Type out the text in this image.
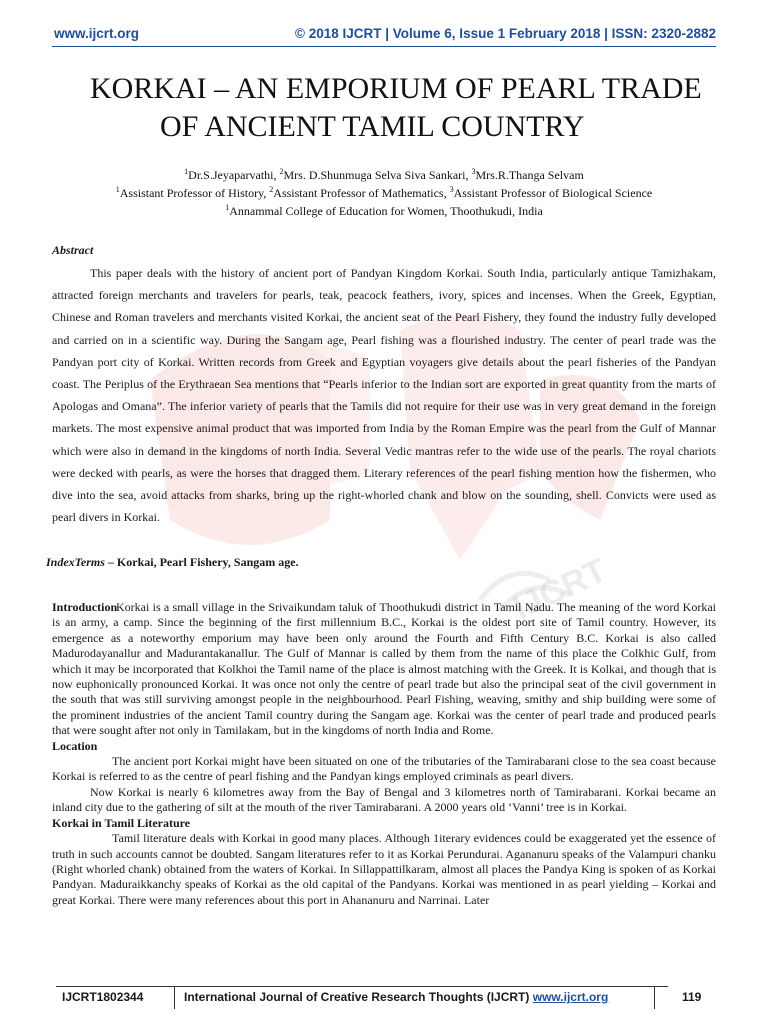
www.ijcrt.org	© 2018 IJCRT | Volume 6, Issue 1 February 2018 | ISSN: 2320-2882
IJCRT
KORKAI – AN EMPORIUM OF PEARL TRADE
OF ANCIENT TAMIL COUNTRY
$^1$Dr.S.Jeyaparvathi, $^2$Mrs. D.Shunmuga Selva Siva Sankari, $^3$Mrs.R.Thanga Selvam
$^1$Assistant Professor of History, $^2$Assistant Professor of Mathematics, $^3$Assistant Professor of Biological Science
$^1$Annammal College of Education for Women, Thoothukudi, India
Abstract

This paper deals with the history of ancient port of Pandyan Kingdom Korkai. South India, particularly antique Tamizhakam, attracted foreign merchants and travelers for pearls, teak, peacock feathers, ivory, spices and incenses. When the Greek, Egyptian, Chinese and Roman travelers and merchants visited Korkai, the ancient seat of the Pearl Fishery, they found the industry fully developed and carried on in a scientific way. During the Sangam age, Pearl fishing was a flourished industry. The center of pearl trade was the Pandyan port city of Korkai. Written records from Greek and Egyptian voyagers give details about the pearl fisheries of the Pandyan coast. The Periplus of the Erythraean Sea mentions that “Pearls inferior to the Indian sort are exported in great quantity from the marts of Apologas and Omana”. The inferior variety of pearls that the Tamils did not require for their use was in very great demand in the foreign markets. The most expensive animal product that was imported from India by the Roman Empire was the pearl from the Gulf of Mannar which were also in demand in the kingdoms of north India. Several Vedic mantras refer to the wide use of the pearls. The royal chariots were decked with pearls, as were the horses that dragged them. Literary references of the pearl fishing mention how the fishermen, who dive into the sea, avoid attacks from sharks, bring up the right-whorled chank and blow on the sounding, shell. Convicts were used as pearl divers in Korkai.

IndexTerms – Korkai, Pearl Fishery, Sangam age.
Introduction

Korkai is a small village in the Srivaikundam taluk of Thoothukudi district in Tamil Nadu. The meaning of the word Korkai is an army, a camp. Since the beginning of the first millennium B.C., Korkai is the oldest port site of Tamil country. However, its emergence as a noteworthy emporium may have been only around the Fourth and Fifth Century B.C. Korkai is also called Madurodayanallur and Madurantakanallur. The Gulf of Mannar is called by them from the name of this place the Colkhic Gulf, from which it may be incorporated that Kolkhoi the Tamil name of the place is almost matching with the Greek. It is Kolkai, and though that is now euphonically pronounced Korkai. It was once not only the centre of pearl trade but also the principal seat of the civil government in the south that was still surviving amongst people in the neighbourhood. Pearl Fishing, weaving, smithy and ship building were some of the prominent industries of the ancient Tamil country during the Sangam age. Korkai was the center of pearl trade and produced pearls that were sought after not only in Tamilakam, but in the kingdoms of north India and Rome.

Location

The ancient port Korkai might have been situated on one of the tributaries of the Tamirabarani close to the sea coast because Korkai is referred to as the centre of pearl fishing and the Pandyan kings employed criminals as pearl divers.

Now Korkai is nearly 6 kilometres away from the Bay of Bengal and 3 kilometres north of Tamirabarani. Korkai became an inland city due to the gathering of silt at the mouth of the river Tamirabarani. A 2000 years old ‘Vanni’ tree is in Korkai.

Korkai in Tamil Literature

Tamil literature deals with Korkai in good many places. Although 1iterary evidences could be exaggerated yet the essence of truth in such accounts cannot be doubted. Sangam literatures refer to it as Korkai Perundurai. Agananuru speaks of the Valampuri chanku (Right whorled chank) obtained from the waters of Korkai. In Sillappattilkaram, almost all places the Pandya King is spoken of as Korkai Pandyan. Maduraikkanchy speaks of Korkai as the old capital of the Pandyans. Korkai was mentioned in as pearl yielding – Korkai and great Korkai. There were many references about this port in Ahananuru and Narrinai. Later

IJCRT1802344	International Journal of Creative Research Thoughts (IJCRT) www.ijcrt.org	119
